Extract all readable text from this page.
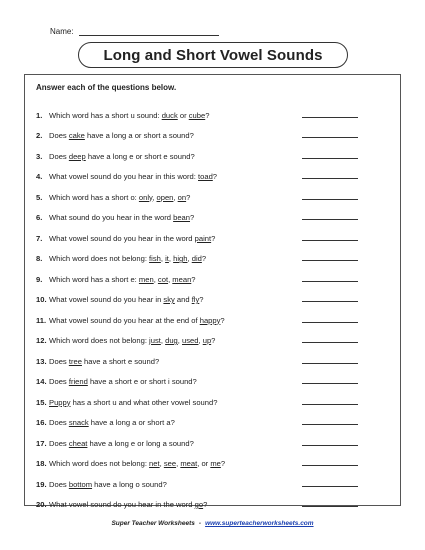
Name:
Long and Short Vowel Sounds
Answer each of the questions below.
1. Which word has a short u sound: duck or cube?
2. Does cake have a long a or short a sound?
3. Does deep have a long e or short e sound?
4. What vowel sound do you hear in this word: toad?
5. Which word has a short o: only, open, on?
6. What sound do you hear in the word bean?
7. What vowel sound do you hear in the word paint?
8. Which word does not belong: fish, it, high, did?
9. Which word has a short e: men, cot, mean?
10. What vowel sound do you hear in sky and fly?
11. What vowel sound do you hear at the end of happy?
12. Which word does not belong: just, dug, used, up?
13. Does tree have a short e sound?
14. Does friend have a short e or short i sound?
15. Puppy has a short u and what other vowel sound?
16. Does snack have a long a or short a?
17. Does cheat have a long e or long a sound?
18. Which word does not belong: net, see, meat, or me?
19. Does bottom have a long o sound?
20. What vowel sound do you hear in the word go?
Super Teacher Worksheets - www.superteacherworksheets.com
